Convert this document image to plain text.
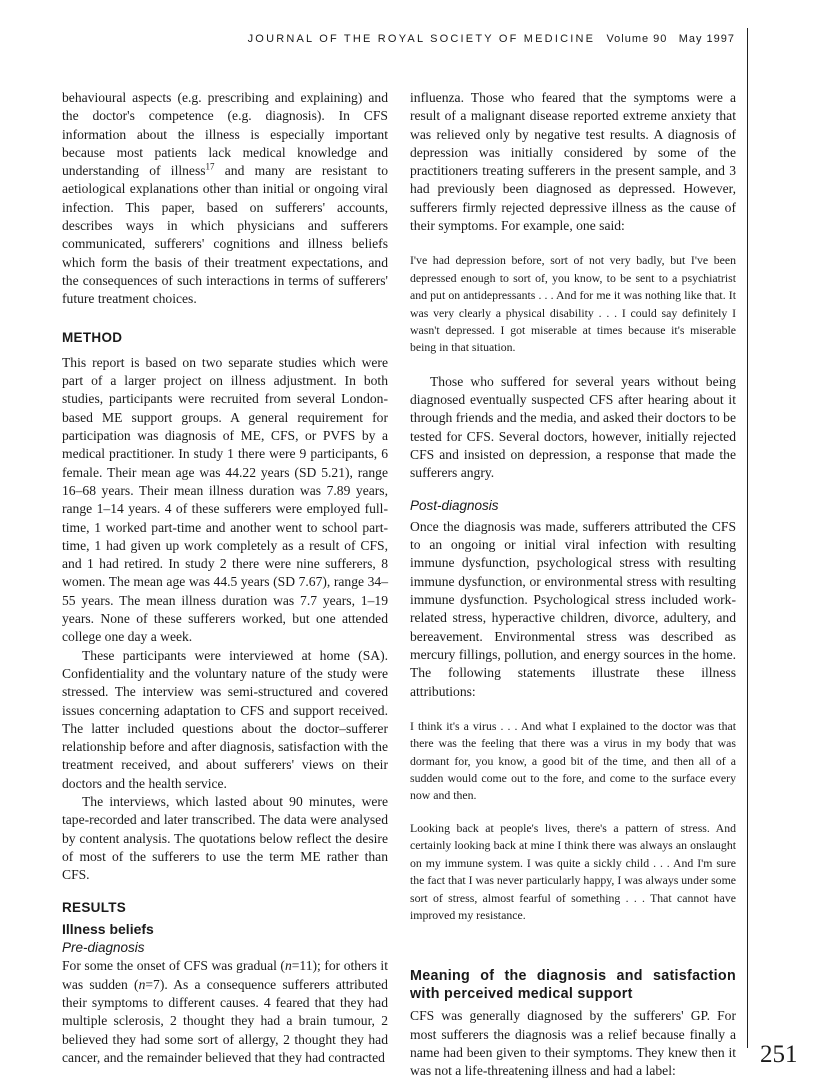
JOURNAL OF THE ROYAL SOCIETY OF MEDICINE Volume 90 May 1997
251

behavioural aspects (e.g. prescribing and explaining) and the doctor's competence (e.g. diagnosis). In CFS information about the illness is especially important because most patients lack medical knowledge and understanding of illness$^{17}$ and many are resistant to aetiological explanations other than initial or ongoing viral infection. This paper, based on sufferers' accounts, describes ways in which physicians and sufferers communicated, sufferers' cognitions and illness beliefs which form the basis of their treatment expectations, and the consequences of such interactions in terms of sufferers' future treatment choices.

METHOD

This report is based on two separate studies which were part of a larger project on illness adjustment. In both studies, participants were recruited from several London-based ME support groups. A general requirement for participation was diagnosis of ME, CFS, or PVFS by a medical practitioner. In study 1 there were 9 participants, 6 female. Their mean age was 44.22 years (SD 5.21), range 16–68 years. Their mean illness duration was 7.89 years, range 1–14 years. 4 of these sufferers were employed full-time, 1 worked part-time and another went to school part-time, 1 had given up work completely as a result of CFS, and 1 had retired. In study 2 there were nine sufferers, 8 women. The mean age was 44.5 years (SD 7.67), range 34–55 years. The mean illness duration was 7.7 years, 1–19 years. None of these sufferers worked, but one attended college one day a week.

These participants were interviewed at home (SA). Confidentiality and the voluntary nature of the study were stressed. The interview was semi-structured and covered issues concerning adaptation to CFS and support received. The latter included questions about the doctor–sufferer relationship before and after diagnosis, satisfaction with the treatment received, and about sufferers' views on their doctors and the health service.

The interviews, which lasted about 90 minutes, were tape-recorded and later transcribed. The data were analysed by content analysis. The quotations below reflect the desire of most of the sufferers to use the term ME rather than CFS.

RESULTS
Illness beliefs
Pre-diagnosis

For some the onset of CFS was gradual (n=11); for others it was sudden (n=7). As a consequence sufferers attributed their symptoms to different causes. 4 feared that they had multiple sclerosis, 2 thought they had a brain tumour, 2 believed they had some sort of allergy, 2 thought they had cancer, and the remainder believed that they had contracted

influenza. Those who feared that the symptoms were a result of a malignant disease reported extreme anxiety that was relieved only by negative test results. A diagnosis of depression was initially considered by some of the practitioners treating sufferers in the present sample, and 3 had previously been diagnosed as depressed. However, sufferers firmly rejected depressive illness as the cause of their symptoms. For example, one said:

I've had depression before, sort of not very badly, but I've been depressed enough to sort of, you know, to be sent to a psychiatrist and put on antidepressants . . . And for me it was nothing like that. It was very clearly a physical disability . . . I could say definitely I wasn't depressed. I got miserable at times because it's miserable being in that situation.

Those who suffered for several years without being diagnosed eventually suspected CFS after hearing about it through friends and the media, and asked their doctors to be tested for CFS. Several doctors, however, initially rejected CFS and insisted on depression, a response that made the sufferers angry.

Post-diagnosis

Once the diagnosis was made, sufferers attributed the CFS to an ongoing or initial viral infection with resulting immune dysfunction, psychological stress with resulting immune dysfunction, or environmental stress with resulting immune dysfunction. Psychological stress included work-related stress, hyperactive children, divorce, adultery, and bereavement. Environmental stress was described as mercury fillings, pollution, and energy sources in the home. The following statements illustrate these illness attributions:

I think it's a virus . . . And what I explained to the doctor was that there was the feeling that there was a virus in my body that was dormant for, you know, a good bit of the time, and then all of a sudden would come out to the fore, and come to the surface every now and then.

Looking back at people's lives, there's a pattern of stress. And certainly looking back at mine I think there was always an onslaught on my immune system. I was quite a sickly child . . . And I'm sure the fact that I was never particularly happy, I was always under some sort of stress, almost fearful of something . . . That cannot have improved my resistance.

Meaning of the diagnosis and satisfaction with perceived medical support

CFS was generally diagnosed by the sufferers' GP. For most sufferers the diagnosis was a relief because finally a name had been given to their symptoms. They knew then it was not a life-threatening illness and had a label:
